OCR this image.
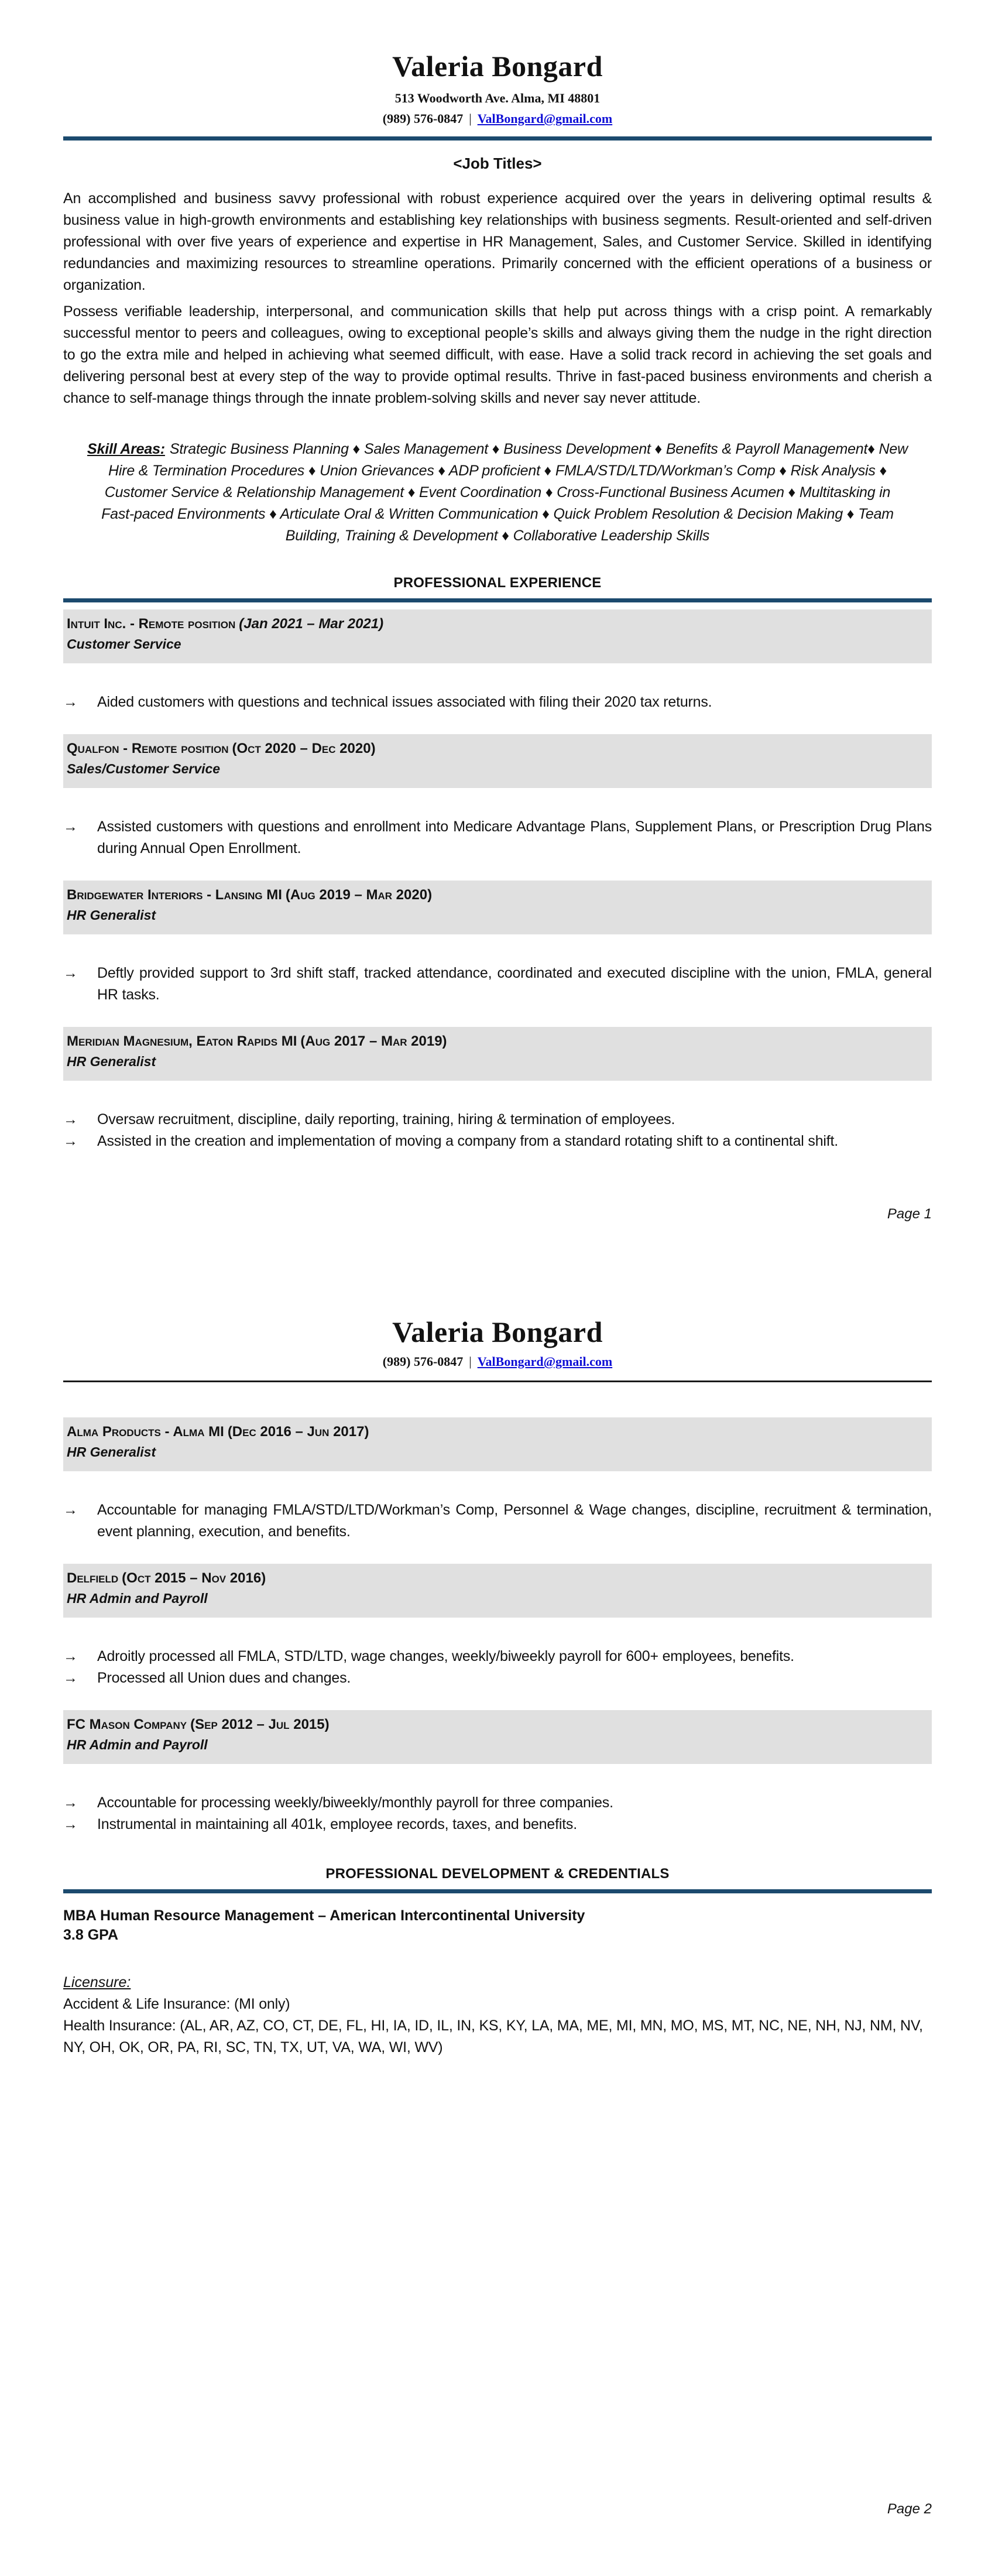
Valeria Bongard
513 Woodworth Ave. Alma, MI 48801
(989) 576-0847 | ValBongard@gmail.com
<Job Titles>

An accomplished and business savvy professional with robust experience acquired over the years in delivering optimal results & business value in high-growth environments and establishing key relationships with business segments. Result-oriented and self-driven professional with over five years of experience and expertise in HR Management, Sales, and Customer Service. Skilled in identifying redundancies and maximizing resources to streamline operations. Primarily concerned with the efficient operations of a business or organization.

Possess verifiable leadership, interpersonal, and communication skills that help put across things with a crisp point. A remarkably successful mentor to peers and colleagues, owing to exceptional people’s skills and always giving them the nudge in the right direction to go the extra mile and helped in achieving what seemed difficult, with ease. Have a solid track record in achieving the set goals and delivering personal best at every step of the way to provide optimal results. Thrive in fast-paced business environments and cherish a chance to self-manage things through the innate problem-solving skills and never say never attitude.

Skill Areas: Strategic Business Planning ♦ Sales Management ♦ Business Development ♦ Benefits & Payroll Management♦ New Hire & Termination Procedures ♦ Union Grievances ♦ ADP proficient ♦ FMLA/STD/LTD/Workman’s Comp ♦ Risk Analysis ♦ Customer Service & Relationship Management ♦ Event Coordination ♦ Cross-Functional Business Acumen ♦ Multitasking in Fast-paced Environments ♦ Articulate Oral & Written Communication ♦ Quick Problem Resolution & Decision Making ♦ Team Building, Training & Development ♦ Collaborative Leadership Skills
PROFESSIONAL EXPERIENCE
Intuit Inc. - Remote position (Jan 2021 – Mar 2021)
Customer Service
→	Aided customers with questions and technical issues associated with filing their 2020 tax returns.
Qualfon - Remote position (Oct 2020 – Dec 2020)
Sales/Customer Service
→	Assisted customers with questions and enrollment into Medicare Advantage Plans, Supplement Plans, or Prescription Drug Plans during Annual Open Enrollment.
Bridgewater Interiors - Lansing MI (Aug 2019 – Mar 2020)
HR Generalist
→	Deftly provided support to 3rd shift staff, tracked attendance, coordinated and executed discipline with the union, FMLA, general HR tasks.
Meridian Magnesium, Eaton Rapids MI (Aug 2017 – Mar 2019)
HR Generalist
→	Oversaw recruitment, discipline, daily reporting, training, hiring & termination of employees.
→	Assisted in the creation and implementation of moving a company from a standard rotating shift to a continental shift.
Page 1
Valeria Bongard
(989) 576-0847 | ValBongard@gmail.com
Alma Products - Alma MI (Dec 2016 – Jun 2017)
HR Generalist
→	Accountable for managing FMLA/STD/LTD/Workman’s Comp, Personnel & Wage changes, discipline, recruitment & termination, event planning, execution, and benefits.
Delfield (Oct 2015 – Nov 2016)
HR Admin and Payroll
→	Adroitly processed all FMLA, STD/LTD, wage changes, weekly/biweekly payroll for 600+ employees, benefits.
→	Processed all Union dues and changes.
FC Mason Company (Sep 2012 – Jul 2015)
HR Admin and Payroll
→	Accountable for processing weekly/biweekly/monthly payroll for three companies.
→	Instrumental in maintaining all 401k, employee records, taxes, and benefits.
PROFESSIONAL DEVELOPMENT & CREDENTIALS
MBA Human Resource Management – American Intercontinental University
3.8 GPA
Licensure:
Accident & Life Insurance: (MI only)
Health Insurance: (AL, AR, AZ, CO, CT, DE, FL, HI, IA, ID, IL, IN, KS, KY, LA, MA, ME, MI, MN, MO, MS, MT, NC, NE, NH, NJ, NM, NV, NY, OH, OK, OR, PA, RI, SC, TN, TX, UT, VA, WA, WI, WV)
Page 2
